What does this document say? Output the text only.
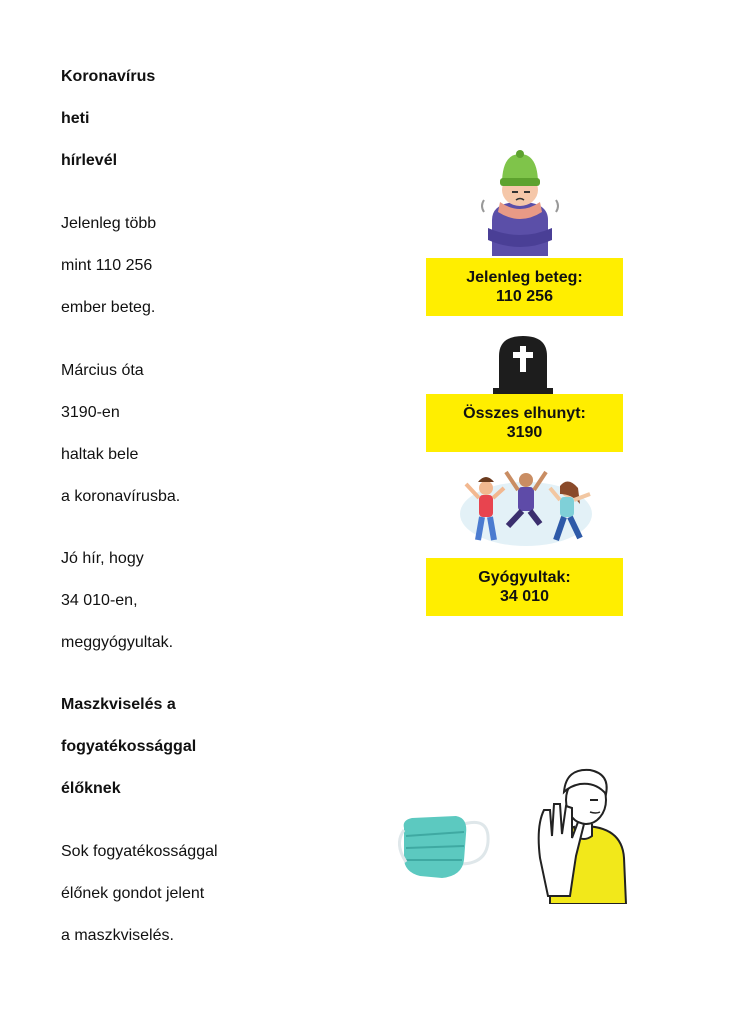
Koronavírus
heti
hírlevél
Jelenleg több
mint 110 256
ember beteg.
Március óta
3190-en
haltak bele
a koronavírusba.
Jó hír, hogy
34 010-en,
meggyógyultak.
Maszkviselés a
fogyatékossággal
élőknek
Sok fogyatékossággal
élőnek gondot jelent
a maszkviselés.
Jelenleg beteg:
110 256
Összes elhunyt:
3190
Gyógyultak:
34 010
